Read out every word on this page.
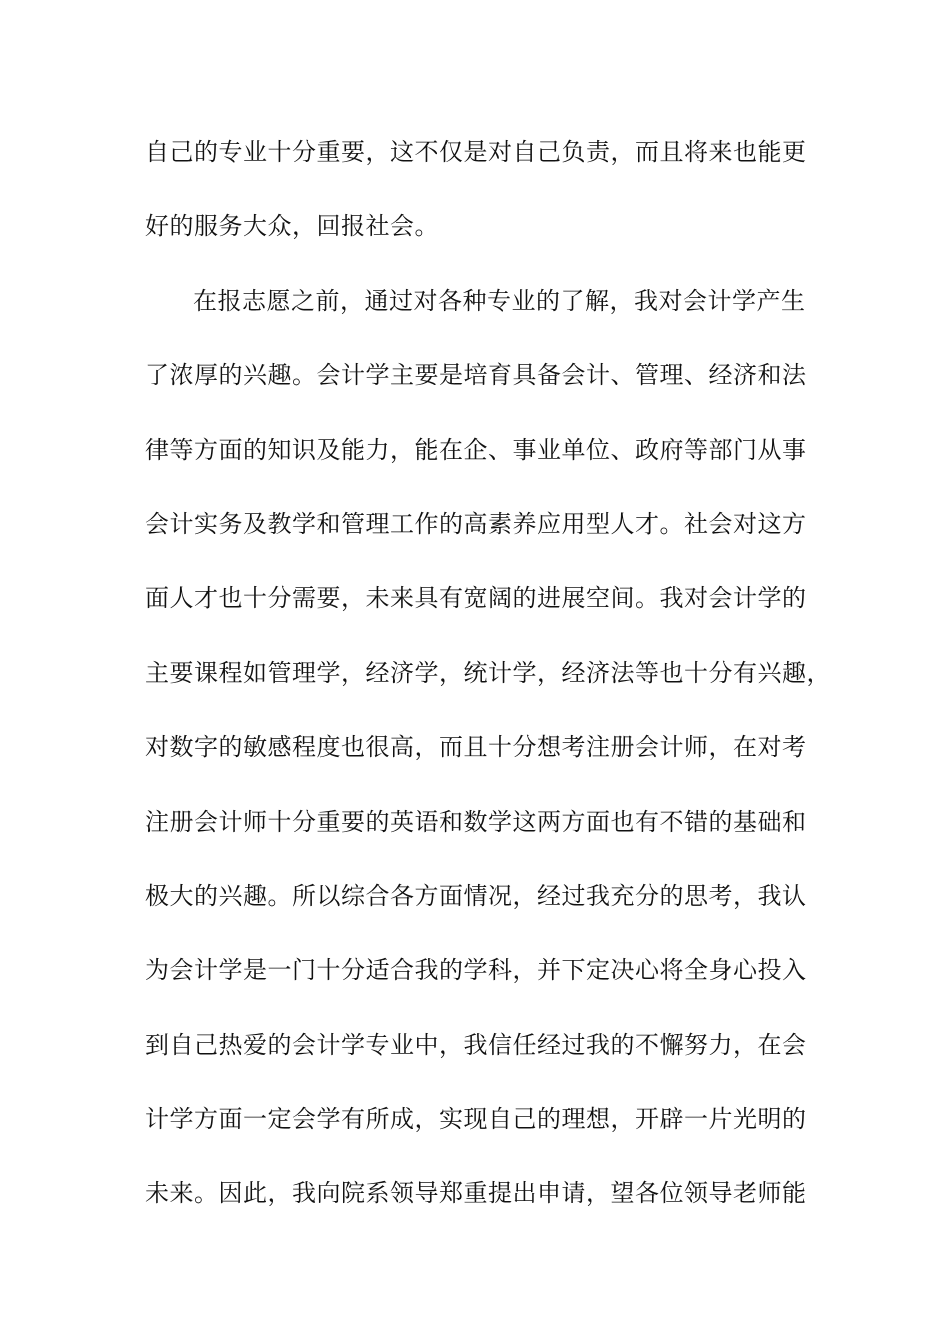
自己的专业十分重要，这不仅是对自己负责，而且将来也能更
好的服务大众，回报社会。
在报志愿之前，通过对各种专业的了解，我对会计学产生
了浓厚的兴趣。会计学主要是培育具备会计、管理、经济和法
律等方面的知识及能力，能在企、事业单位、政府等部门从事
会计实务及教学和管理工作的高素养应用型人才。社会对这方
面人才也十分需要，未来具有宽阔的进展空间。我对会计学的
主要课程如管理学，经济学，统计学，经济法等也十分有兴趣，
对数字的敏感程度也很高，而且十分想考注册会计师，在对考
注册会计师十分重要的英语和数学这两方面也有不错的基础和
极大的兴趣。所以综合各方面情况，经过我充分的思考，我认
为会计学是一门十分适合我的学科，并下定决心将全身心投入
到自己热爱的会计学专业中，我信任经过我的不懈努力，在会
计学方面一定会学有所成，实现自己的理想，开辟一片光明的
未来。因此，我向院系领导郑重提出申请，望各位领导老师能
